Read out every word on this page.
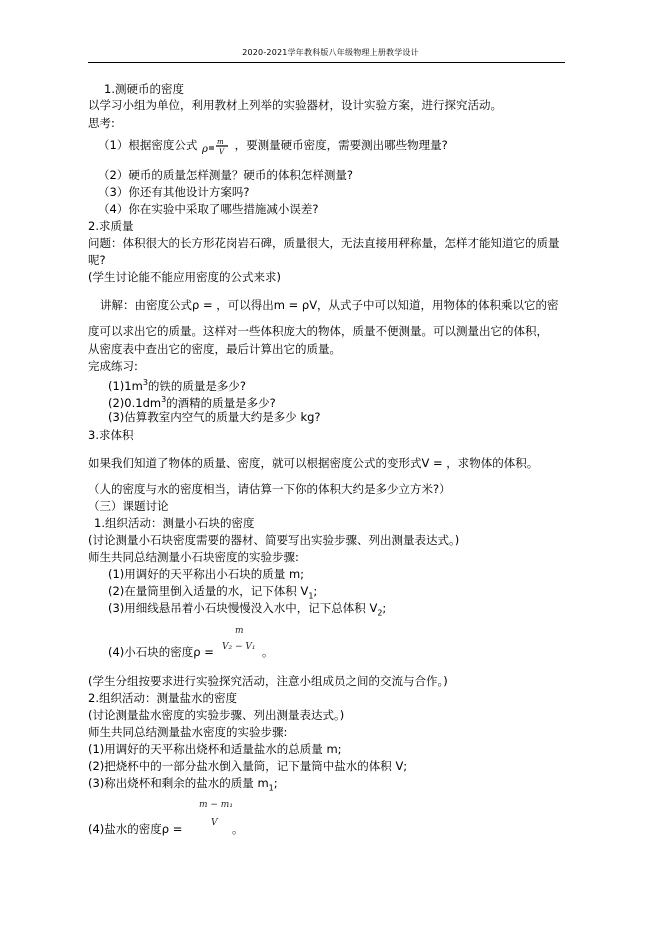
2020-2021学年教科版八年级物理上册教学设计
1.测硬币的密度
以学习小组为单位，利用教材上列举的实验器材，设计实验方案，进行探究活动。
思考:
（1）根据密度公式 ρ
m
V ，要测量硬币密度，需要测出哪些物理量?
（2）硬币的质量怎样测量？硬币的体积怎样测量?
（3）你还有其他设计方案吗?
（4）你在实验中采取了哪些措施减小误差?
2.求质量
问题：体积很大的长方形花岗岩石碑，质量很大，无法直接用秤称量，怎样才能知道它的质量
呢?
(学生讨论能不能应用密度的公式来求)
讲解：由密度公式ρ = ，可以得出m = ρV，从式子中可以知道，用物体的体积乘以它的密
度可以求出它的质量。这样对一些体积庞大的物体，质量不便测量。可以测量出它的体积，
从密度表中查出它的密度，最后计算出它的质量。
完成练习:
$(1)1m^3$的铁的质量是多少?
$(2)0.1dm^3$的酒精的质量是多少?
(3)估算教室内空气的质量大约是多少 kg?
3.求体积
如果我们知道了物体的质量、密度，就可以根据密度公式的变形式V = ，求物体的体积。
（人的密度与水的密度相当，请估算一下你的体积大约是多少立方米?）
（三）课题讨论
1.组织活动：测量小石块的密度
(讨论测量小石块密度需要的器材、简要写出实验步骤、列出测量表达式。)
师生共同总结测量小石块密度的实验步骤:
(1)用调好的天平称出小石块的质量 m;
(2)在量筒里倒入适量的水，记下体积 $V_1$;
(3)用细线悬吊着小石块慢慢没入水中，记下总体积 $V_2$;
m
(4)小石块的密度ρ = V₂ − V₁ 。
(学生分组按要求进行实验探究活动，注意小组成员之间的交流与合作。)
2.组织活动：测量盐水的密度
(讨论测量盐水密度的实验步骤、列出测量表达式。)
师生共同总结测量盐水密度的实验步骤:
(1)用调好的天平称出烧杯和适量盐水的总质量 m;
(2)把烧杯中的一部分盐水倒入量筒，记下量筒中盐水的体积 V;
(3)称出烧杯和剩余的盐水的质量 $m_1$;
m − m₁
V
(4)盐水的密度ρ =	。
